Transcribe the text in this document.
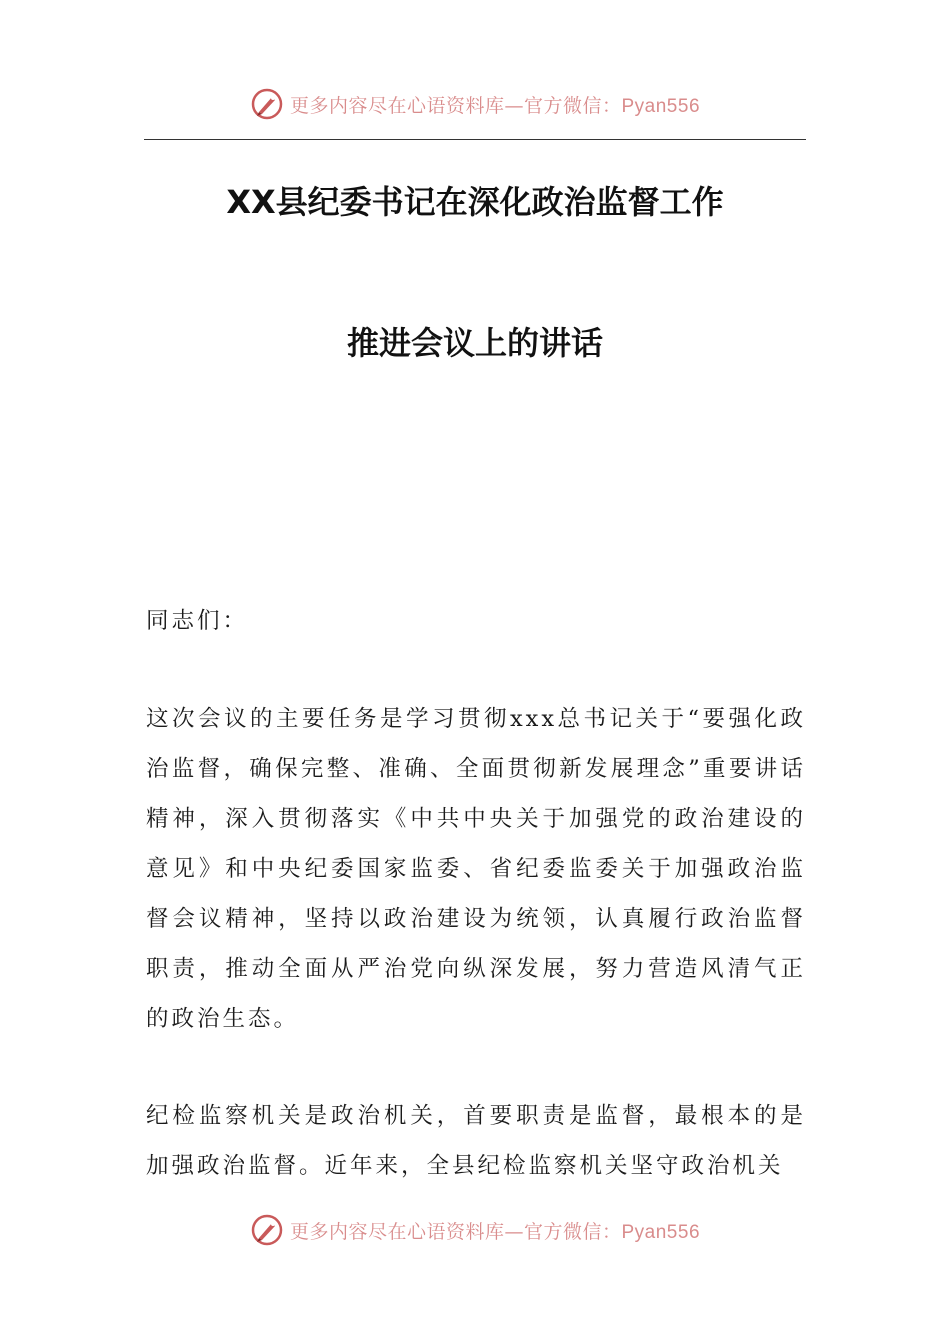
更多内容尽在心语资料库—官方微信：Pyan556
XX县纪委书记在深化政治监督工作
推进会议上的讲话
同志们：
这次会议的主要任务是学习贯彻xxx总书记关于“要强化政治监督，确保完整、准确、全面贯彻新发展理念”重要讲话精神，深入贯彻落实《中共中央关于加强党的政治建设的意见》和中央纪委国家监委、省纪委监委关于加强政治监督会议精神，坚持以政治建设为统领，认真履行政治监督职责，推动全面从严治党向纵深发展，努力营造风清气正的政治生态。
纪检监察机关是政治机关，首要职责是监督，最根本的是加强政治监督。近年来，全县纪检监察机关坚守政治机关
更多内容尽在心语资料库—官方微信：Pyan556
